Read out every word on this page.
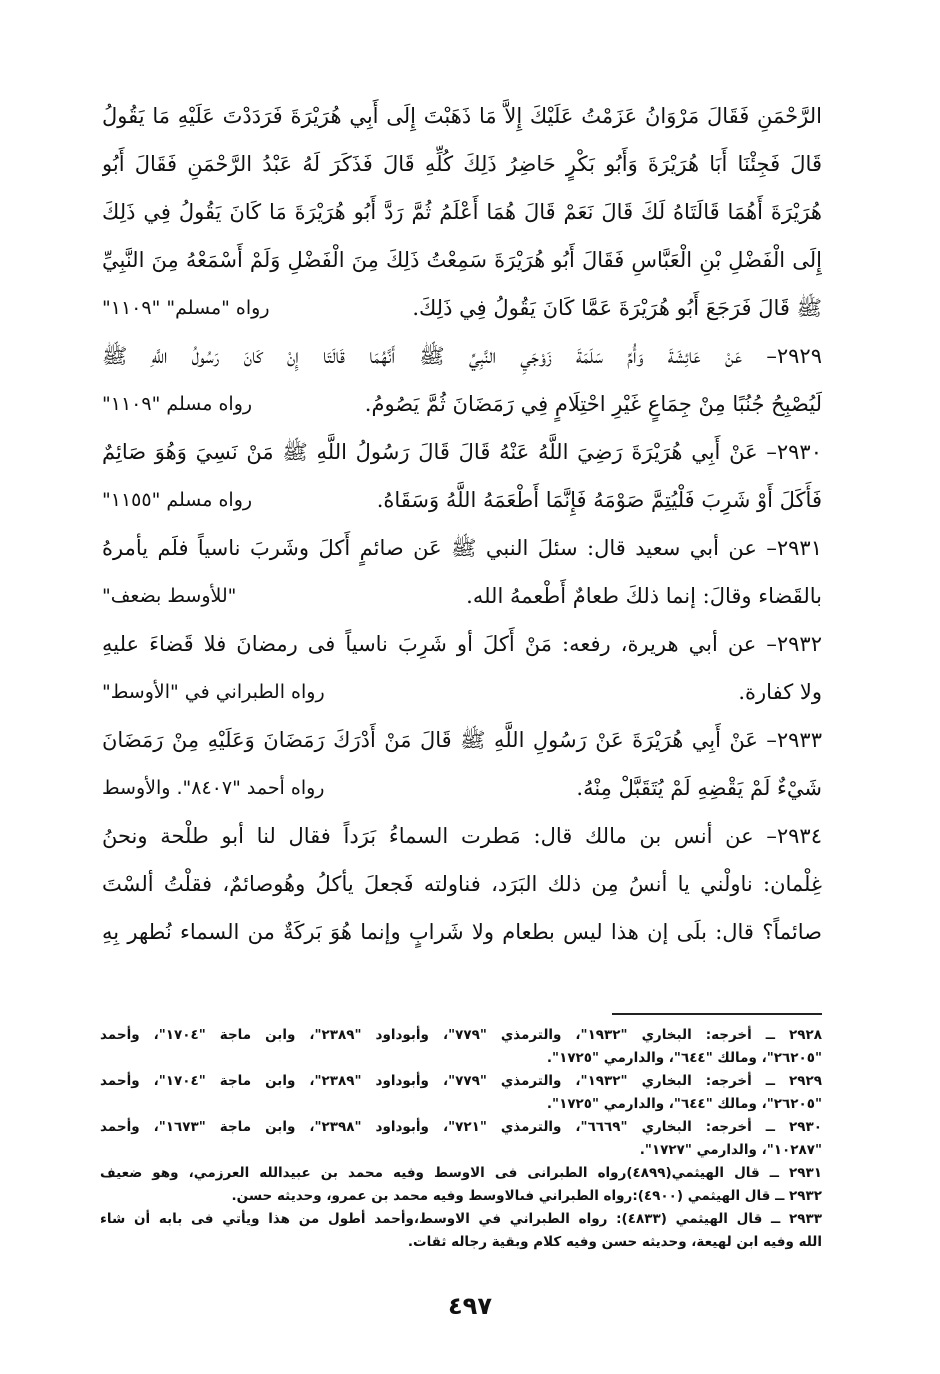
الرَّحْمَنِ فَقَالَ مَرْوَانُ عَزَمْتُ عَلَيْكَ إِلاَّ مَا ذَهَبْتَ إِلَى أَبِي هُرَيْرَةَ فَرَدَدْتَ عَلَيْهِ مَا يَقُولُ
قَالَ فَجِئْنَا أَبَا هُرَيْرَةَ وَأَبُو بَكْرٍ حَاضِرُ ذَلِكَ كُلِّهِ قَالَ فَذَكَرَ لَهُ عَبْدُ الرَّحْمَنِ فَقَالَ أَبُو
هُرَيْرَةَ أَهُمَا قَالَتَاهُ لَكَ قَالَ نَعَمْ قَالَ هُمَا أَعْلَمُ ثُمَّ رَدَّ أَبُو هُرَيْرَةَ مَا كَانَ يَقُولُ فِي ذَلِكَ
إِلَى الْفَضْلِ بْنِ الْعَبَّاسِ فَقَالَ أَبُو هُرَيْرَةَ سَمِعْتُ ذَلِكَ مِنَ الْفَضْلِ وَلَمْ أَسْمَعْهُ مِنَ النَّبِيِّ
ﷺ قَالَ فَرَجَعَ أَبُو هُرَيْرَةَ عَمَّا كَانَ يَقُولُ فِي ذَلِكَ.
رواه "مسلم" "١١٠٩"
٢٩٢٩– عَنْ عَائِشَةَ وَأُمِّ سَلَمَةَ زَوْجَيِ النَّبِيِّ ﷺ أَنَّهُمَا قَالَتَا إِنْ كَانَ رَسُولُ اللَّهِ ﷺ
لَيُصْبِحُ جُنُبًا مِنْ جِمَاعٍ غَيْرِ احْتِلَامٍ فِي رَمَضَانَ ثُمَّ يَصُومُ.
رواه مسلم "١١٠٩"
٢٩٣٠– عَنْ أَبِي هُرَيْرَةَ رَضِيَ اللَّهُ عَنْهُ قَالَ قَالَ رَسُولُ اللَّهِ ﷺ مَنْ نَسِيَ وَهُوَ صَائِمٌ
فَأَكَلَ أَوْ شَرِبَ فَلْيُتِمَّ صَوْمَهُ فَإِنَّمَا أَطْعَمَهُ اللَّهُ وَسَقَاهُ.
رواه مسلم "١١٥٥"
٢٩٣١– عن أبي سعيد قال: سئلَ النبي ﷺ عَن صائمٍ أَكلَ وشَربَ ناسياً فلَم يأمرهُ
بالقَضاء وقالَ: إنما ذلكَ طعامٌ أَطْعمهُ الله.
"للأوسط بضعف"
٢٩٣٢– عن أبي هريرة، رفعه: مَنْ أَكلَ أو شَرِبَ ناسياً فى رمضانَ فلا قَضاءَ عليهِ
ولا كفارة.
رواه الطبراني في "الأوسط"
٢٩٣٣– عَنْ أَبِي هُرَيْرَةَ عَنْ رَسُولِ اللَّهِ ﷺ قَالَ مَنْ أَدْرَكَ رَمَضَانَ وَعَلَيْهِ مِنْ رَمَضَانَ
شَيْءٌ لَمْ يَقْضِهِ لَمْ يُتَقَبَّلْ مِنْهُ.
رواه أحمد "٨٤٠٧". والأوسط
٢٩٣٤– عن أنس بن مالك قال: مَطرت السماءُ بَرَداً فقال لنا أبو طلْحة ونحنُ
غِلْمان: ناولْني يا أنسُ مِن ذلك البَرَد، فناولته فَجعلَ يأكلُ وهُوصائمٌ، فقلْتُ ألسْتَ
صائماً؟ قال: بلَى إن هذا ليس بطعام ولا شَرابٍ وإنما هُوَ بَركَةٌ من السماء نُطهر بِهِ
٢٩٢٨ ــ أخرجه: البخاري "١٩٣٢"، والترمذي "٧٧٩"، وأبوداود "٢٣٨٩"، وابن ماجة "١٧٠٤"، وأحمد
"٢٦٢٠٥"، ومالك "٦٤٤"، والدارمي "١٧٢٥".
٢٩٢٩ ــ أخرجه: البخاري "١٩٣٢"، والترمذي "٧٧٩"، وأبوداود "٢٣٨٩"، وابن ماجة "١٧٠٤"، وأحمد
"٢٦٢٠٥"، ومالك "٦٤٤"، والدارمي "١٧٢٥".
٢٩٣٠ ــ أخرجه: البخاري "٦٦٦٩"، والترمذي "٧٢١"، وأبوداود "٢٣٩٨"، وابن ماجة "١٦٧٣"، وأحمد
"١٠٢٨٧"، والدارمي "١٧٢٧".
٢٩٣١ ــ قال الهيثمي(٤٨٩٩)رواه الطبرانى فى الاوسط وفيه محمد بن عبيدالله العرزمي، وهو ضعيف
٢٩٣٢ ــ قال الهيثمي (٤٩٠٠):رواه الطبراني فىالاوسط وفيه محمد بن عمرو، وحديثه حسن.
٢٩٣٣ ــ قال الهيثمي (٤٨٣٣): رواه الطبراني في الاوسط،وأحمد أطول من هذا ويأتي فى بابه أن شاء
الله وفيه ابن لهيعة، وحديثه حسن وفيه كلام وبقية رجاله ثقات.
٤٩٧
